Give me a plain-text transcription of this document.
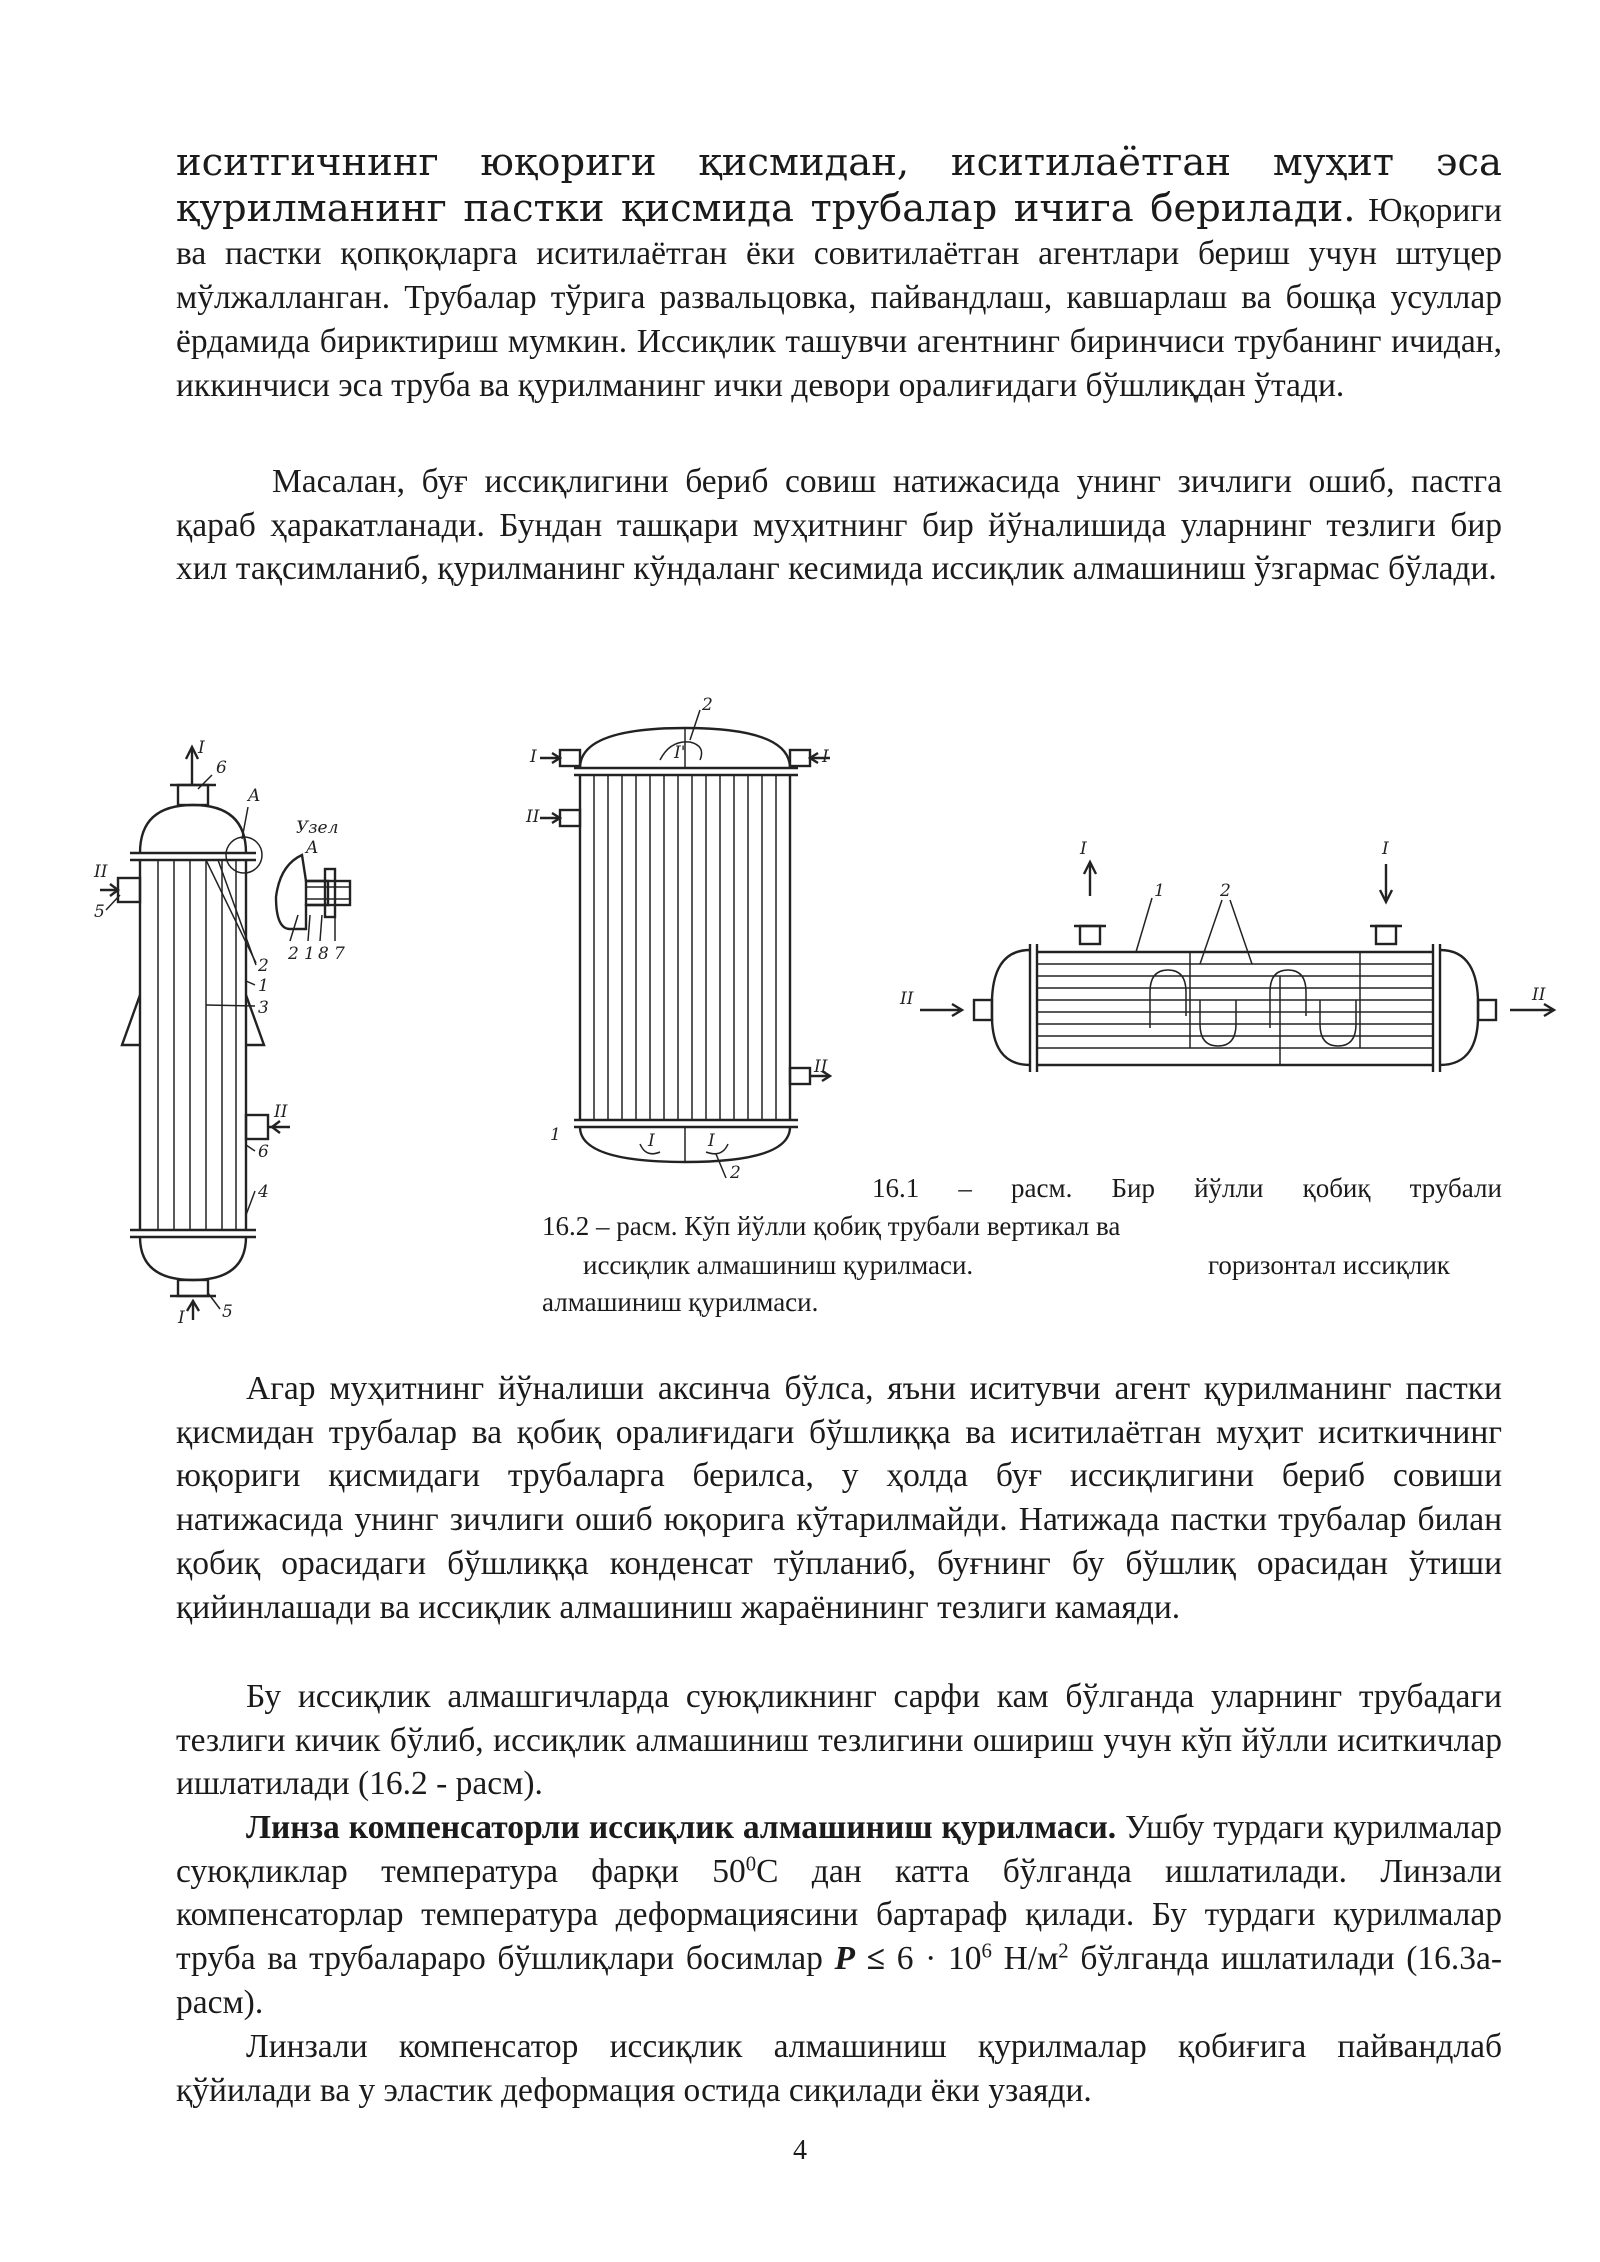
иситгичнинг юқориги қисмидан, иситилаётган муҳит эса қурилманинг пастки қисмида трубалар ичига берилади. Юқориги ва пастки қопқоқларга иситилаётган ёки совитилаётган агентлари бериш учун штуцер мўлжалланган. Трубалар тўрига развальцовка, пайвандлаш, кавшарлаш ва бошқа усуллар ёрдамида бириктириш мумкин. Иссиқлик ташувчи агентнинг биринчиси трубанинг ичидан, иккинчиси эса труба ва қурилманинг ички девори оралиғидаги бўшлиқдан ўтади.

Масалан, буғ иссиқлигини бериб совиш натижасида унинг зичлиги ошиб, пастга қараб ҳаракатланади. Бундан ташқари муҳитнинг бир йўналишида уларнинг тезлиги бир хил тақсимланиб, қурилманинг кўндаланг кесимида иссиқлик алмашиниш ўзгармас бўлади.

I
6
A
Узел
A
II
5
2
1
3
II
6
4
5
I
2 1 8 7
2
I'
I	I
II
II
1	I	I
2
I	I
1	2
II	II
16.1 – расм. Бир йўлли қобиқ трубали

16.2 – расм. Кўп йўлли қобиқ трубали вертикал ва

иссиқлик алмашиниш қурилмаси.	горизонтал иссиқлик

алмашиниш қурилмаси.

Агар муҳитнинг йўналиши аксинча бўлса, яъни иситувчи агент қурилманинг пастки қисмидан трубалар ва қобиқ оралиғидаги бўшлиққа ва иситилаётган муҳит иситкичнинг юқориги қисмидаги трубаларга берилса, у ҳолда буғ иссиқлигини бериб совиши натижасида унинг зичлиги ошиб юқорига кўтарилмайди. Натижада пастки трубалар билан қобиқ орасидаги бўшлиққа конденсат тўпланиб, буғнинг бу бўшлиқ орасидан ўтиши қийинлашади ва иссиқлик алмашиниш жараёнининг тезлиги камаяди.

Бу иссиқлик алмашгичларда суюқликнинг сарфи кам бўлганда уларнинг трубадаги тезлиги кичик бўлиб, иссиқлик алмашиниш тезлигини ошириш учун кўп йўлли иситкичлар ишлатилади (16.2 - расм).

Линза компенсаторли иссиқлик алмашиниш қурилмаси. Ушбу турдаги қурилмалар суюқликлар температура фарқи $50^0С$ дан катта бўлганда ишлатилади. Линзали компенсаторлар температура деформациясини бартараф қилади. Бу турдаги қурилмалар труба ва трубалараро бўшлиқлари босимлар $P \le 6 \cdot 10^6$ $Н/м^2$ бўлганда ишлатилади (16.3а-расм).

Линзали компенсатор иссиқлик алмашиниш қурилмалар қобиғига пайвандлаб қўйилади ва у эластик деформация остида сиқилади ёки узаяди.

4
